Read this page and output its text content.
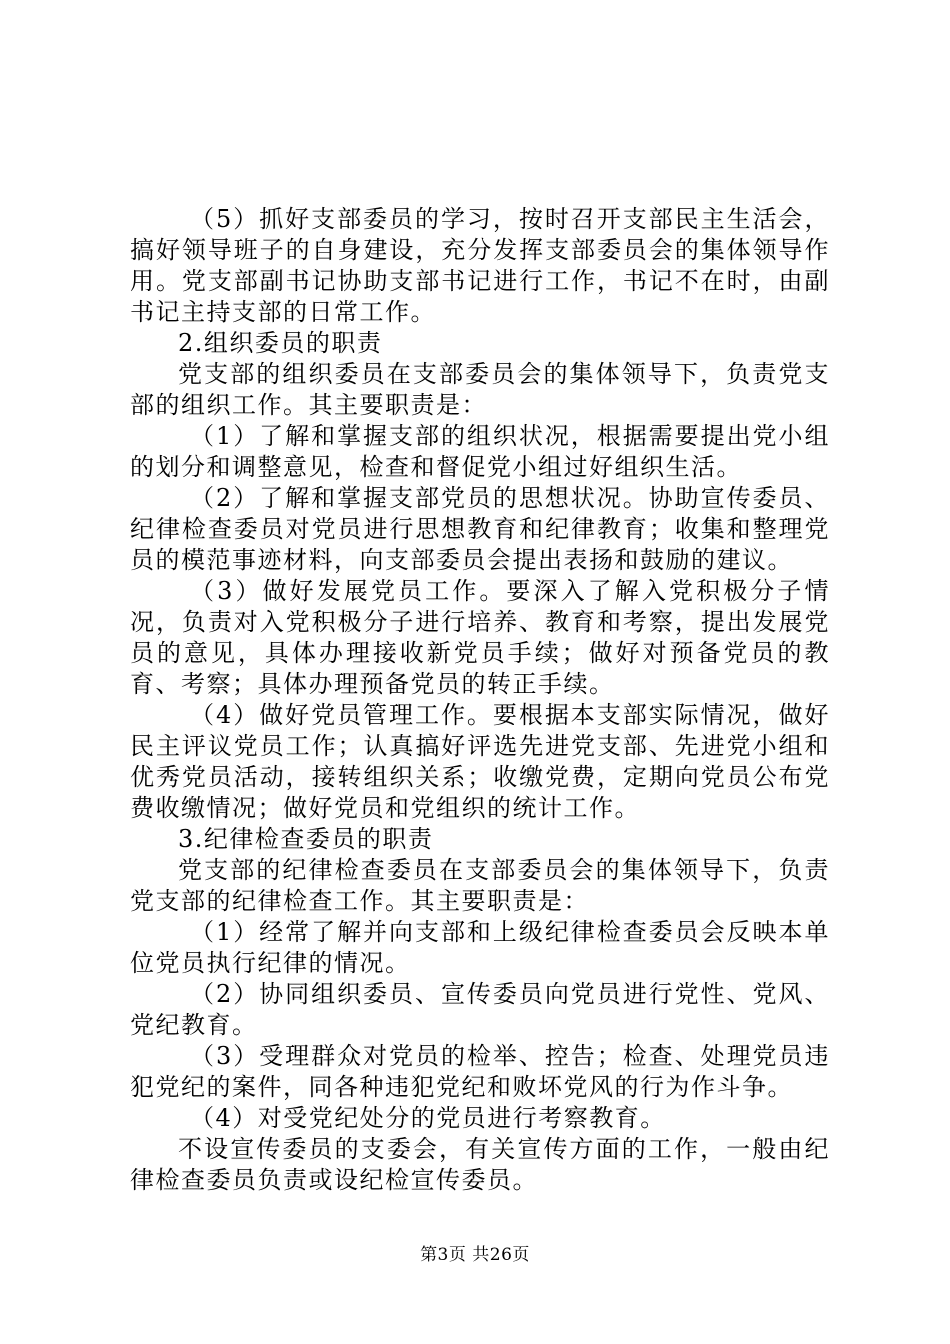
（5）抓好支部委员的学习，按时召开支部民主生活会，搞好领导班子的自身建设，充分发挥支部委员会的集体领导作用。党支部副书记协助支部书记进行工作，书记不在时，由副书记主持支部的日常工作。

2.组织委员的职责

党支部的组织委员在支部委员会的集体领导下，负责党支部的组织工作。其主要职责是：

（1）了解和掌握支部的组织状况，根据需要提出党小组的划分和调整意见，检查和督促党小组过好组织生活。

（2）了解和掌握支部党员的思想状况。协助宣传委员、纪律检查委员对党员进行思想教育和纪律教育；收集和整理党员的模范事迹材料，向支部委员会提出表扬和鼓励的建议。

（3）做好发展党员工作。要深入了解入党积极分子情况，负责对入党积极分子进行培养、教育和考察，提出发展党员的意见，具体办理接收新党员手续；做好对预备党员的教育、考察；具体办理预备党员的转正手续。

（4）做好党员管理工作。要根据本支部实际情况，做好民主评议党员工作；认真搞好评选先进党支部、先进党小组和优秀党员活动，接转组织关系；收缴党费，定期向党员公布党费收缴情况；做好党员和党组织的统计工作。

3.纪律检查委员的职责

党支部的纪律检查委员在支部委员会的集体领导下，负责党支部的纪律检查工作。其主要职责是：

（1）经常了解并向支部和上级纪律检查委员会反映本单位党员执行纪律的情况。

（2）协同组织委员、宣传委员向党员进行党性、党风、党纪教育。

（3）受理群众对党员的检举、控告；检查、处理党员违犯党纪的案件，同各种违犯党纪和败坏党风的行为作斗争。

（4）对受党纪处分的党员进行考察教育。

不设宣传委员的支委会，有关宣传方面的工作，一般由纪律检查委员负责或设纪检宣传委员。

第3页 共26页
